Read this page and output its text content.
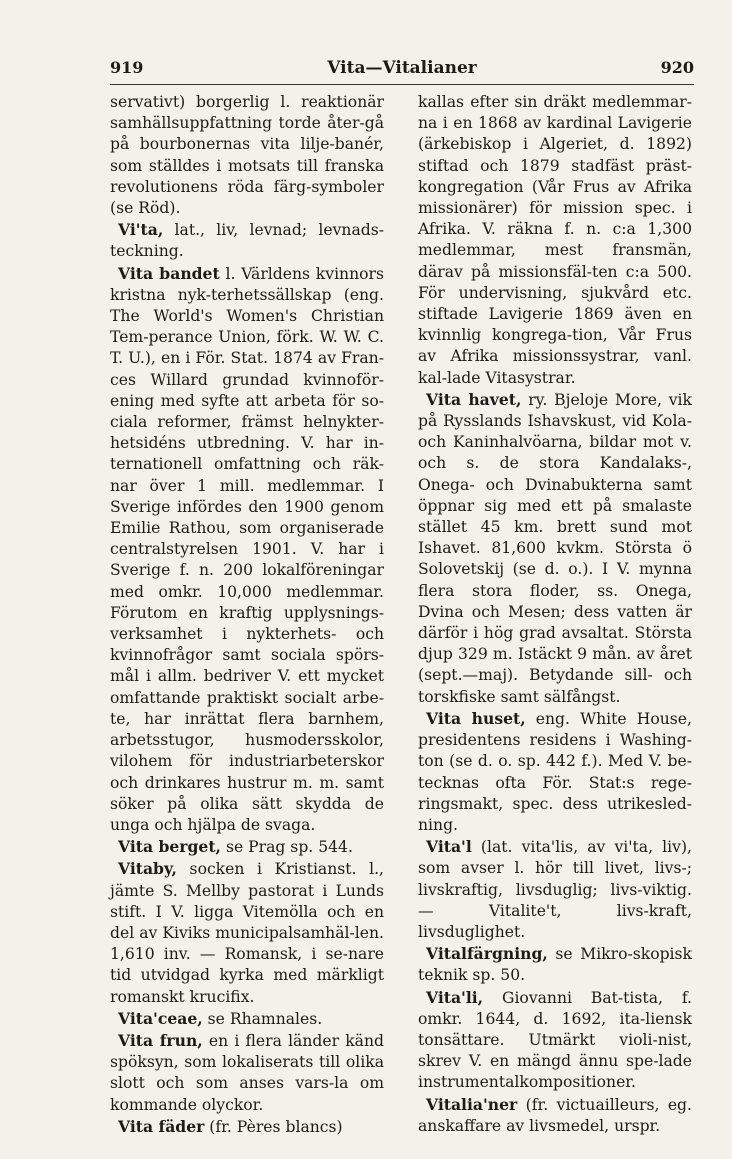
919	Vita—Vitalianer	920

servativt) borgerlig l. reaktionär samhällsuppfattning torde åter-gå på bourbonernas vita lilje-banér, som ställdes i motsats till franska revolutionens röda färg-symboler (se Röd).

Vi'ta, lat., liv, levnad; levnads-teckning.

Vita bandet l. Världens kvinnors kristna nyk-terhetssällskap (eng. The World's Women's Christian Tem-perance Union, förk. W. W. C. T. U.), en i För. Stat. 1874 av Fran-ces Willard grundad kvinnoför-ening med syfte att arbeta för so-ciala reformer, främst helnykter-hetsidéns utbredning. V. har in-ternationell omfattning och räk-nar över 1 mill. medlemmar. I Sverige infördes den 1900 genom Emilie Rathou, som organiserade centralstyrelsen 1901. V. har i Sverige f. n. 200 lokalföreningar med omkr. 10,000 medlemmar. Förutom en kraftig upplysnings-verksamhet i nykterhets- och kvinnofrågor samt sociala spörs-mål i allm. bedriver V. ett mycket omfattande praktiskt socialt arbe-te, har inrättat flera barnhem, arbetsstugor, husmodersskolor, vilohem för industriarbeterskor och drinkares hustrur m. m. samt söker på olika sätt skydda de unga och hjälpa de svaga.

Vita berget, se Prag sp. 544.

Vitaby, socken i Kristianst. l., jämte S. Mellby pastorat i Lunds stift. I V. ligga Vitemölla och en del av Kiviks municipalsamhäl-len. 1,610 inv. — Romansk, i se-nare tid utvidgad kyrka med märkligt romanskt krucifix.

Vita'ceae, se Rhamnales.

Vita frun, en i flera länder känd spöksyn, som lokaliserats till olika slott och som anses vars-la om kommande olyckor.

Vita fäder (fr. Pères blancs)

kallas efter sin dräkt medlemmar-na i en 1868 av kardinal Lavigerie (ärkebiskop i Algeriet, d. 1892) stiftad och 1879 stadfäst präst-kongregation (Vår Frus av Afrika missionärer) för mission spec. i Afrika. V. räkna f. n. c:a 1,300 medlemmar, mest fransmän, därav på missionsfäl-ten c:a 500. För undervisning, sjukvård etc. stiftade Lavigerie 1869 även en kvinnlig kongrega-tion, Vår Frus av Afrika missionssystrar, vanl. kal-lade Vitasystrar.

Vita havet, ry. Bjeloje More, vik på Rysslands Ishavskust, vid Kola- och Kaninhalvöarna, bildar mot v. och s. de stora Kandalaks-, Onega- och Dvinabukterna samt öppnar sig med ett på smalaste stället 45 km. brett sund mot Ishavet. 81,600 kvkm. Största ö Solovetskij (se d. o.). I V. mynna flera stora floder, ss. Onega, Dvina och Mesen; dess vatten är därför i hög grad avsaltat. Största djup 329 m. Istäckt 9 mån. av året (sept.—maj). Betydande sill- och torskfiske samt sälfångst.

Vita huset, eng. White House, presidentens residens i Washing-ton (se d. o. sp. 442 f.). Med V. be-tecknas ofta För. Stat:s rege-ringsmakt, spec. dess utrikesled-ning.

Vita'l (lat. vita'lis, av vi'ta, liv), som avser l. hör till livet, livs-; livskraftig, livsduglig; livs-viktig. — Vitalite't, livs-kraft, livsduglighet.

Vitalfärgning, se Mikro-skopisk teknik sp. 50.

Vita'li, Giovanni Bat-tista, f. omkr. 1644, d. 1692, ita-liensk tonsättare. Utmärkt violi-nist, skrev V. en mängd ännu spe-lade instrumentalkompositioner.

Vitalia'ner (fr. victuailleurs, eg. anskaffare av livsmedel, urspr.
